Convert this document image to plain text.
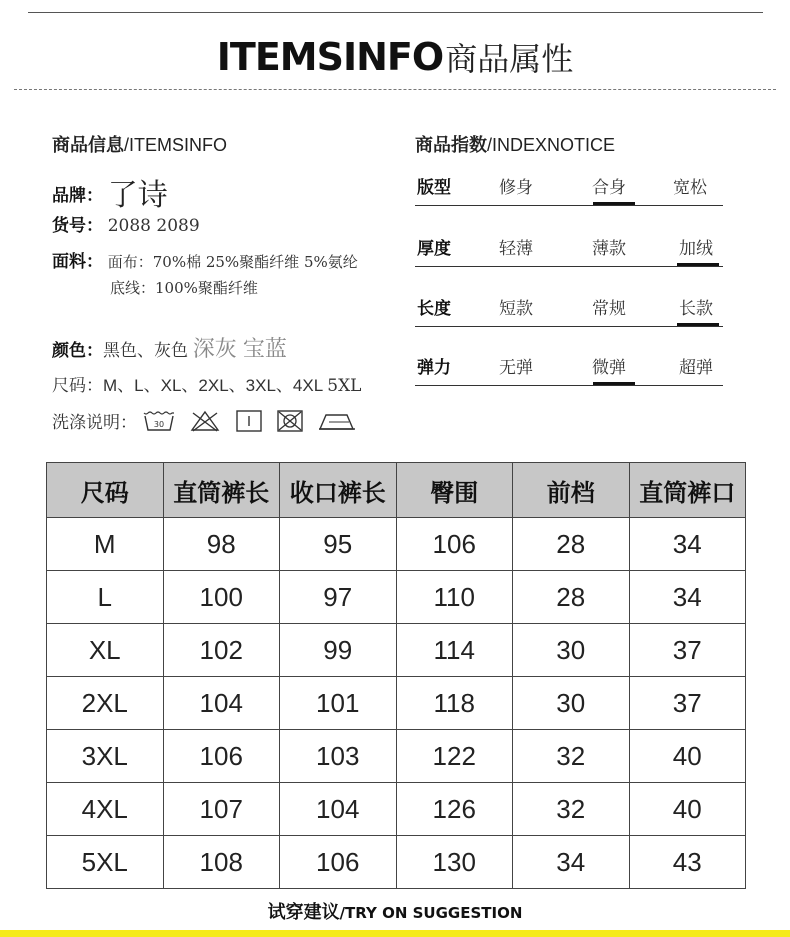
ITEMSINFO商品属性
商品信息/ITEMSINFO
品牌： 了诗
货号： 2088 2089
面料： 面布：70%棉 25%聚酯纤维 5%氨纶
底线：100%聚酯纤维
颜色：黑色、灰色 深灰 宝蓝
尺码：M、L、XL、2XL、3XL、4XL 5XL
洗涤说明： 30

商品指数/INDEXNOTICE
版型	修身	合身	宽松
厚度	轻薄	薄款	加绒
长度	短款	常规	长款
弹力	无弹	微弹	超弹
尺码	直筒裤长	收口裤长	臀围	前档	直筒裤口
M	98	95	106	28	34
L	100	97	110	28	34
XL	102	99	114	30	37
2XL	104	101	118	30	37
3XL	106	103	122	32	40
4XL	107	104	126	32	40
5XL	108	106	130	34	43
试穿建议/TRY ON SUGGESTION
